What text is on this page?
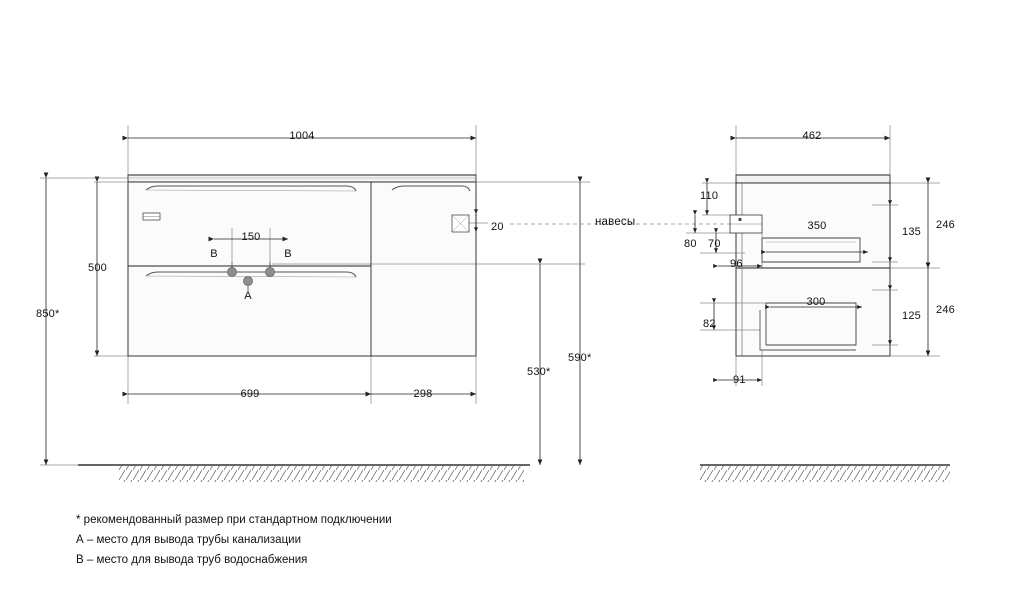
1004
150
500
850*
699	298
20
530*
590*
B	B
A
462
110
80 70
96
82
91
350
300
135
125
246
246
навесы
* рекомендованный размер при стандартном подключении
А – место для вывода трубы канализации
В – место для вывода труб водоснабжения
